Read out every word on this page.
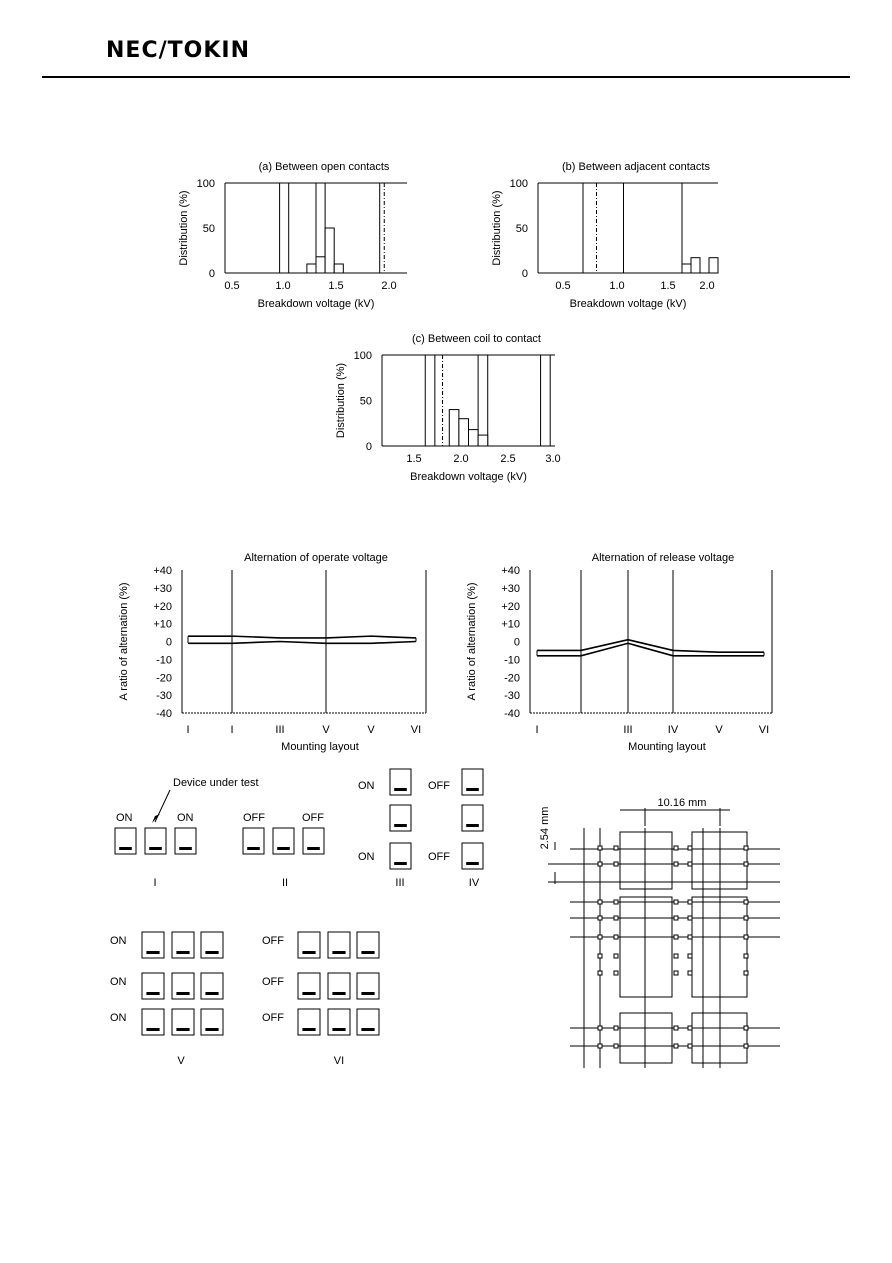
NEC/TOKIN
(a) Between open contacts
100
50
0
Distribution (%)
0.5	1.0	1.5	2.0
Breakdown voltage (kV)
(b) Between adjacent contacts
100
50
0
Distribution (%)
0.5	1.0	1.5 2.0
Breakdown voltage (kV)
(c) Between coil to contact
100
50
0
Distribution (%)
1.5	2.0	2.5	3.0
Breakdown voltage (kV)
Alternation of operate voltage
+40
+30
+20
+10
0
-10
-20
-30
-40
A ratio of alternation (%)
I	I	III	V	V	VI
Mounting layout
Alternation of release voltage
+40
+30
+20
+10
0
-10
-20
-30
-40
A ratio of alternation (%)
I	III	IV	V	VI
Mounting layout
ON	ON
Device under test
I
OFF	OFF
II
ON
ON
III
OFF
OFF
IV
ON
ON
ON
V
OFF
OFF
OFF
VI
10.16 mm
2.54 mm
